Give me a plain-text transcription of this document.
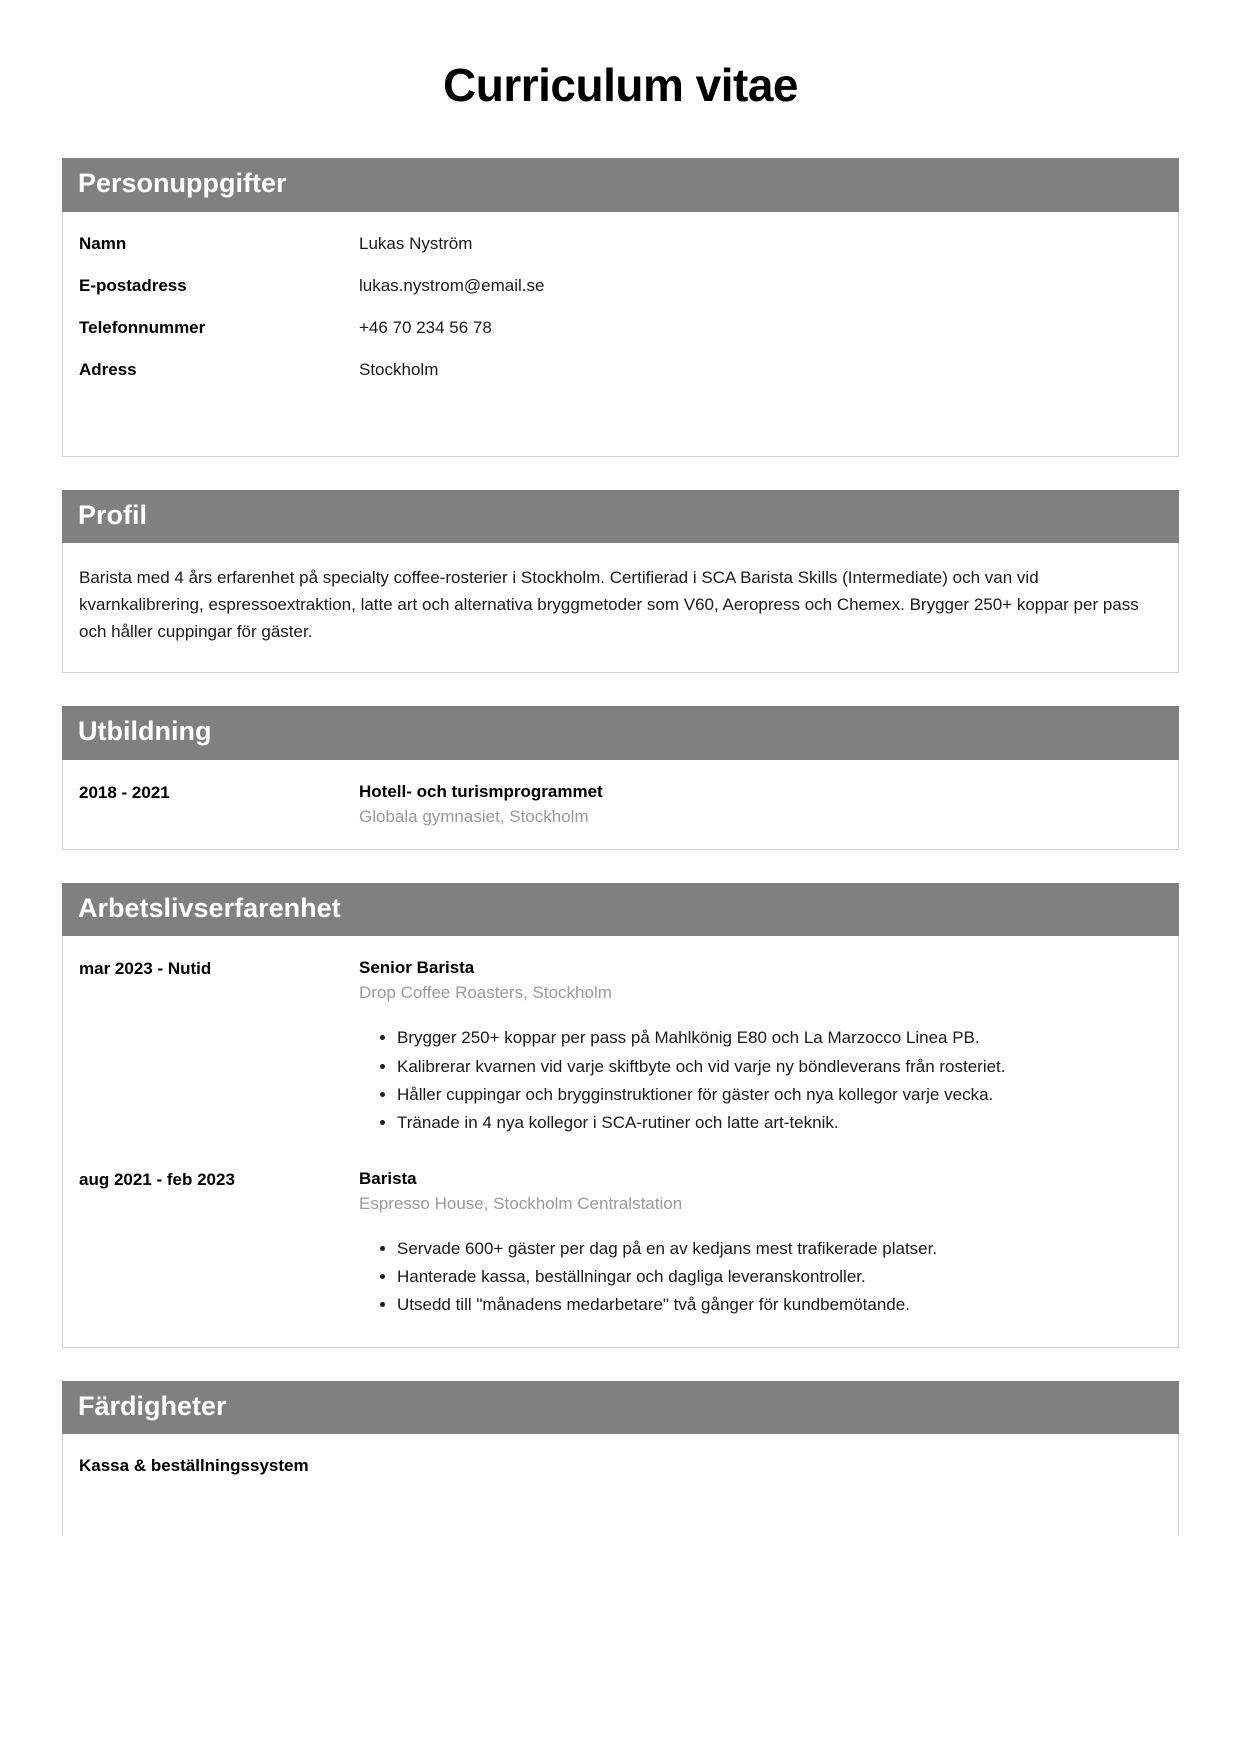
Curriculum vitae
Personuppgifter
Namn	Lukas Nyström
E-postadress	lukas.nystrom@email.se
Telefonnummer	+46 70 234 56 78
Adress	Stockholm
Profil

Barista med 4 års erfarenhet på specialty coffee-rosterier i Stockholm. Certifierad i SCA Barista Skills (Intermediate) och van vid kvarnkalibrering, espressoextraktion, latte art och alternativa bryggmetoder som V60, Aeropress och Chemex. Brygger 250+ koppar per pass och håller cuppingar för gäster.

Utbildning
2018 - 2021	Hotell- och turismprogrammet
Globala gymnasiet, Stockholm
Arbetslivserfarenhet
mar 2023 - Nutid	Senior Barista
Drop Coffee Roasters, Stockholm
• Brygger 250+ koppar per pass på Mahlkönig E80 och La Marzocco Linea PB.
• Kalibrerar kvarnen vid varje skiftbyte och vid varje ny böndleverans från rosteriet.
• Håller cuppingar och brygginstruktioner för gäster och nya kollegor varje vecka.
• Tränade in 4 nya kollegor i SCA-rutiner och latte art-teknik.
aug 2021 - feb 2023	Barista
Espresso House, Stockholm Centralstation
• Servade 600+ gäster per dag på en av kedjans mest trafikerade platser.
• Hanterade kassa, beställningar och dagliga leveranskontroller.
• Utsedd till "månadens medarbetare" två gånger för kundbemötande.
Färdigheter
Kassa & beställningssystem
